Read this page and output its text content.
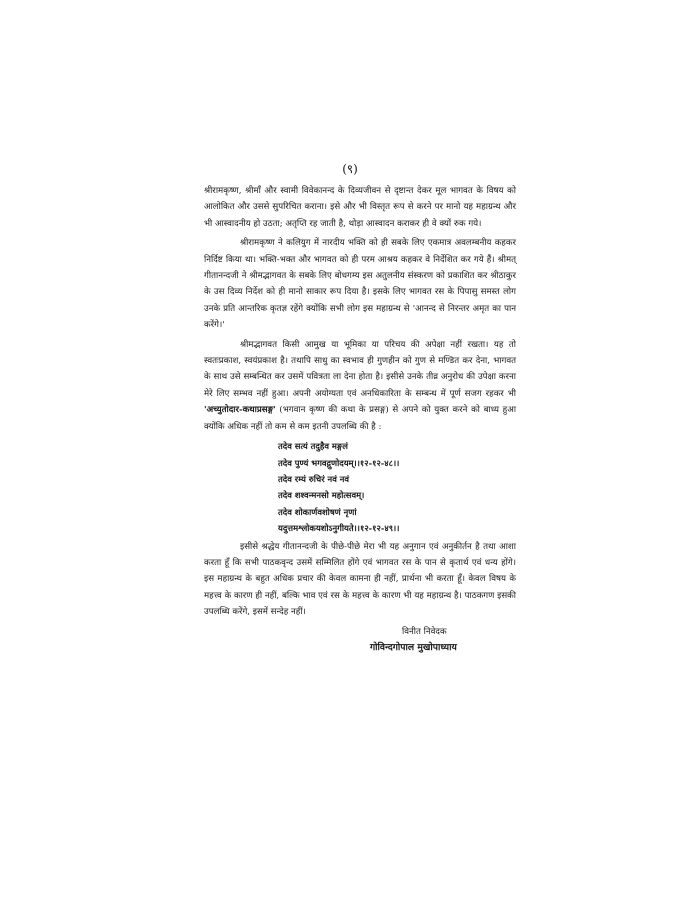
(९)

श्रीरामकृष्ण, श्रीमाँ और स्वामी विवेकानन्द के दिव्यजीवन से दृष्टान्त देकर मूल भागवत के विषय को आलोकित और उससे सुपरिचित कराना। इसे और भी विस्तृत रूप से करने पर मानो यह महाग्रन्थ और भी आस्वादनीय हो उठता; अतृप्ति रह जाती है, थोड़ा आस्वादन कराकर ही वे क्यों रुक गये।

श्रीरामकृष्ण ने कलियुग में नारदीय भक्ति को ही सबके लिए एकमात्र अवलम्बनीय कहकर निर्दिष्ट किया था। भक्ति-भक्त और भागवत को ही परम आश्रय कहकर वे निर्देशित कर गये हैं। श्रीमत् गीतानन्दजी ने श्रीमद्भागवत के सबके लिए बोधगम्य इस अतुलनीय संस्करण को प्रकाशित कर श्रीठाकुर के उस दिव्य निर्देश को ही मानो साकार रूप दिया है। इसके लिए भागवत रस के पिपासु समस्त लोग उनके प्रति आन्तरिक कृतज्ञ रहेंगे क्योंकि सभी लोग इस महाग्रन्थ से 'आनन्द से निरन्तर अमृत का पान करेंगे।'

श्रीमद्भागवत किसी आमुख या भूमिका या परिचय की अपेक्षा नहीं रखता। यह तो स्वतःप्रकाश, स्वयंप्रकाश है। तथापि साधु का स्वभाव ही गुणहीन को गुण से मण्डित कर देना, भागवत के साथ उसे सम्बन्धित कर उसमें पवित्रता ला देना होता है। इसीसे उनके तीव्र अनुरोध की उपेक्षा करना मेरे लिए सम्भव नहीं हुआ। अपनी अयोग्यता एवं अनधिकारिता के सम्बन्ध में पूर्ण सजग रहकर भी 'अच्युतोदार-कथाप्रसङ्ग' (भगवान कृष्ण की कथा के प्रसङ्ग) से अपने को युक्त करने को बाध्य हुआ क्योंकि अधिक नहीं तो कम से कम इतनी उपलब्धि की है :

तदेव सत्यं तदुहैव मङ्गलं
तदेव पुण्यं भगवद्गुणोदयम्।।१२-१२-४८।।
तदेव रम्यं रुचिरं नवं नवं
तदेव शश्वन्मनसो महोत्सवम्।
तदेव शोकार्णवशोषणं नृणां
यदुत्तमश्लोकयशोऽनुगीयते।।१२-१२-४९।।

इसीसे श्रद्धेय गीतानन्दजी के पीछे-पीछे मेरा भी यह अनुगान एवं अनुकीर्तन है तथा आशा करता हूँ कि सभी पाठकवृन्द उसमें सम्मिलित होंगे एवं भागवत रस के पान से कृतार्थ एवं धन्य होंगे। इस महाग्रन्थ के बहुत अधिक प्रचार की केवल कामना ही नहीं, प्रार्थना भी करता हूँ। केवल विषय के महत्त्व के कारण ही नहीं, बल्कि भाव एवं रस के महत्त्व के कारण भी यह महाग्रन्थ है। पाठकगण इसकी उपलब्धि करेंगे, इसमें सन्देह नहीं।

विनीत निवेदक
गोविन्दगोपाल मुखोपाध्याय
